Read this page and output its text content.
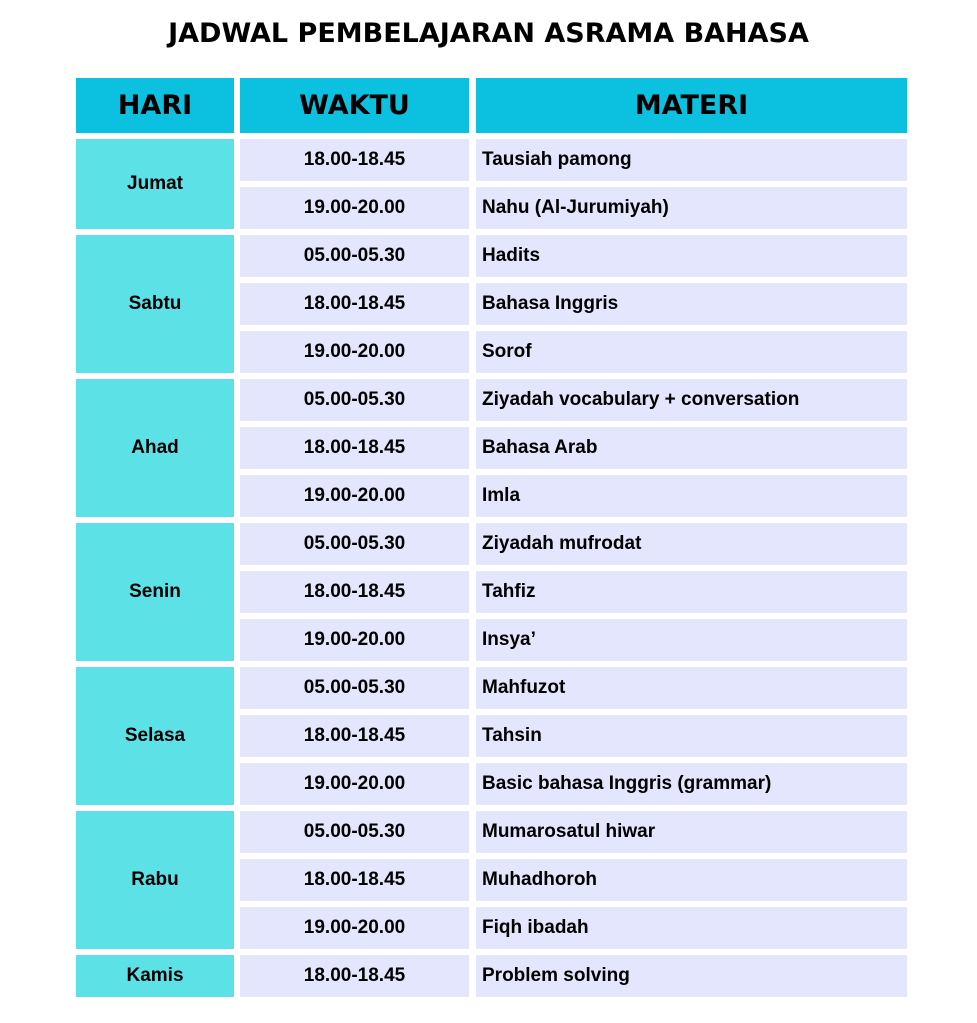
JADWAL PEMBELAJARAN ASRAMA BAHASA
HARI	WAKTU	MATERI
Jumat
18.00-18.45	Tausiah pamong
19.00-20.00	Nahu (Al-Jurumiyah)
Sabtu
05.00-05.30	Hadits
18.00-18.45	Bahasa Inggris
19.00-20.00	Sorof
Ahad
05.00-05.30	Ziyadah vocabulary + conversation
18.00-18.45	Bahasa Arab
19.00-20.00	Imla
Senin
05.00-05.30	Ziyadah mufrodat
18.00-18.45	Tahfiz
19.00-20.00	Insya’
Selasa
05.00-05.30	Mahfuzot
18.00-18.45	Tahsin
19.00-20.00	Basic bahasa Inggris (grammar)
Rabu
05.00-05.30	Mumarosatul hiwar
18.00-18.45	Muhadhoroh
19.00-20.00	Fiqh ibadah
Kamis	18.00-18.45	Problem solving
